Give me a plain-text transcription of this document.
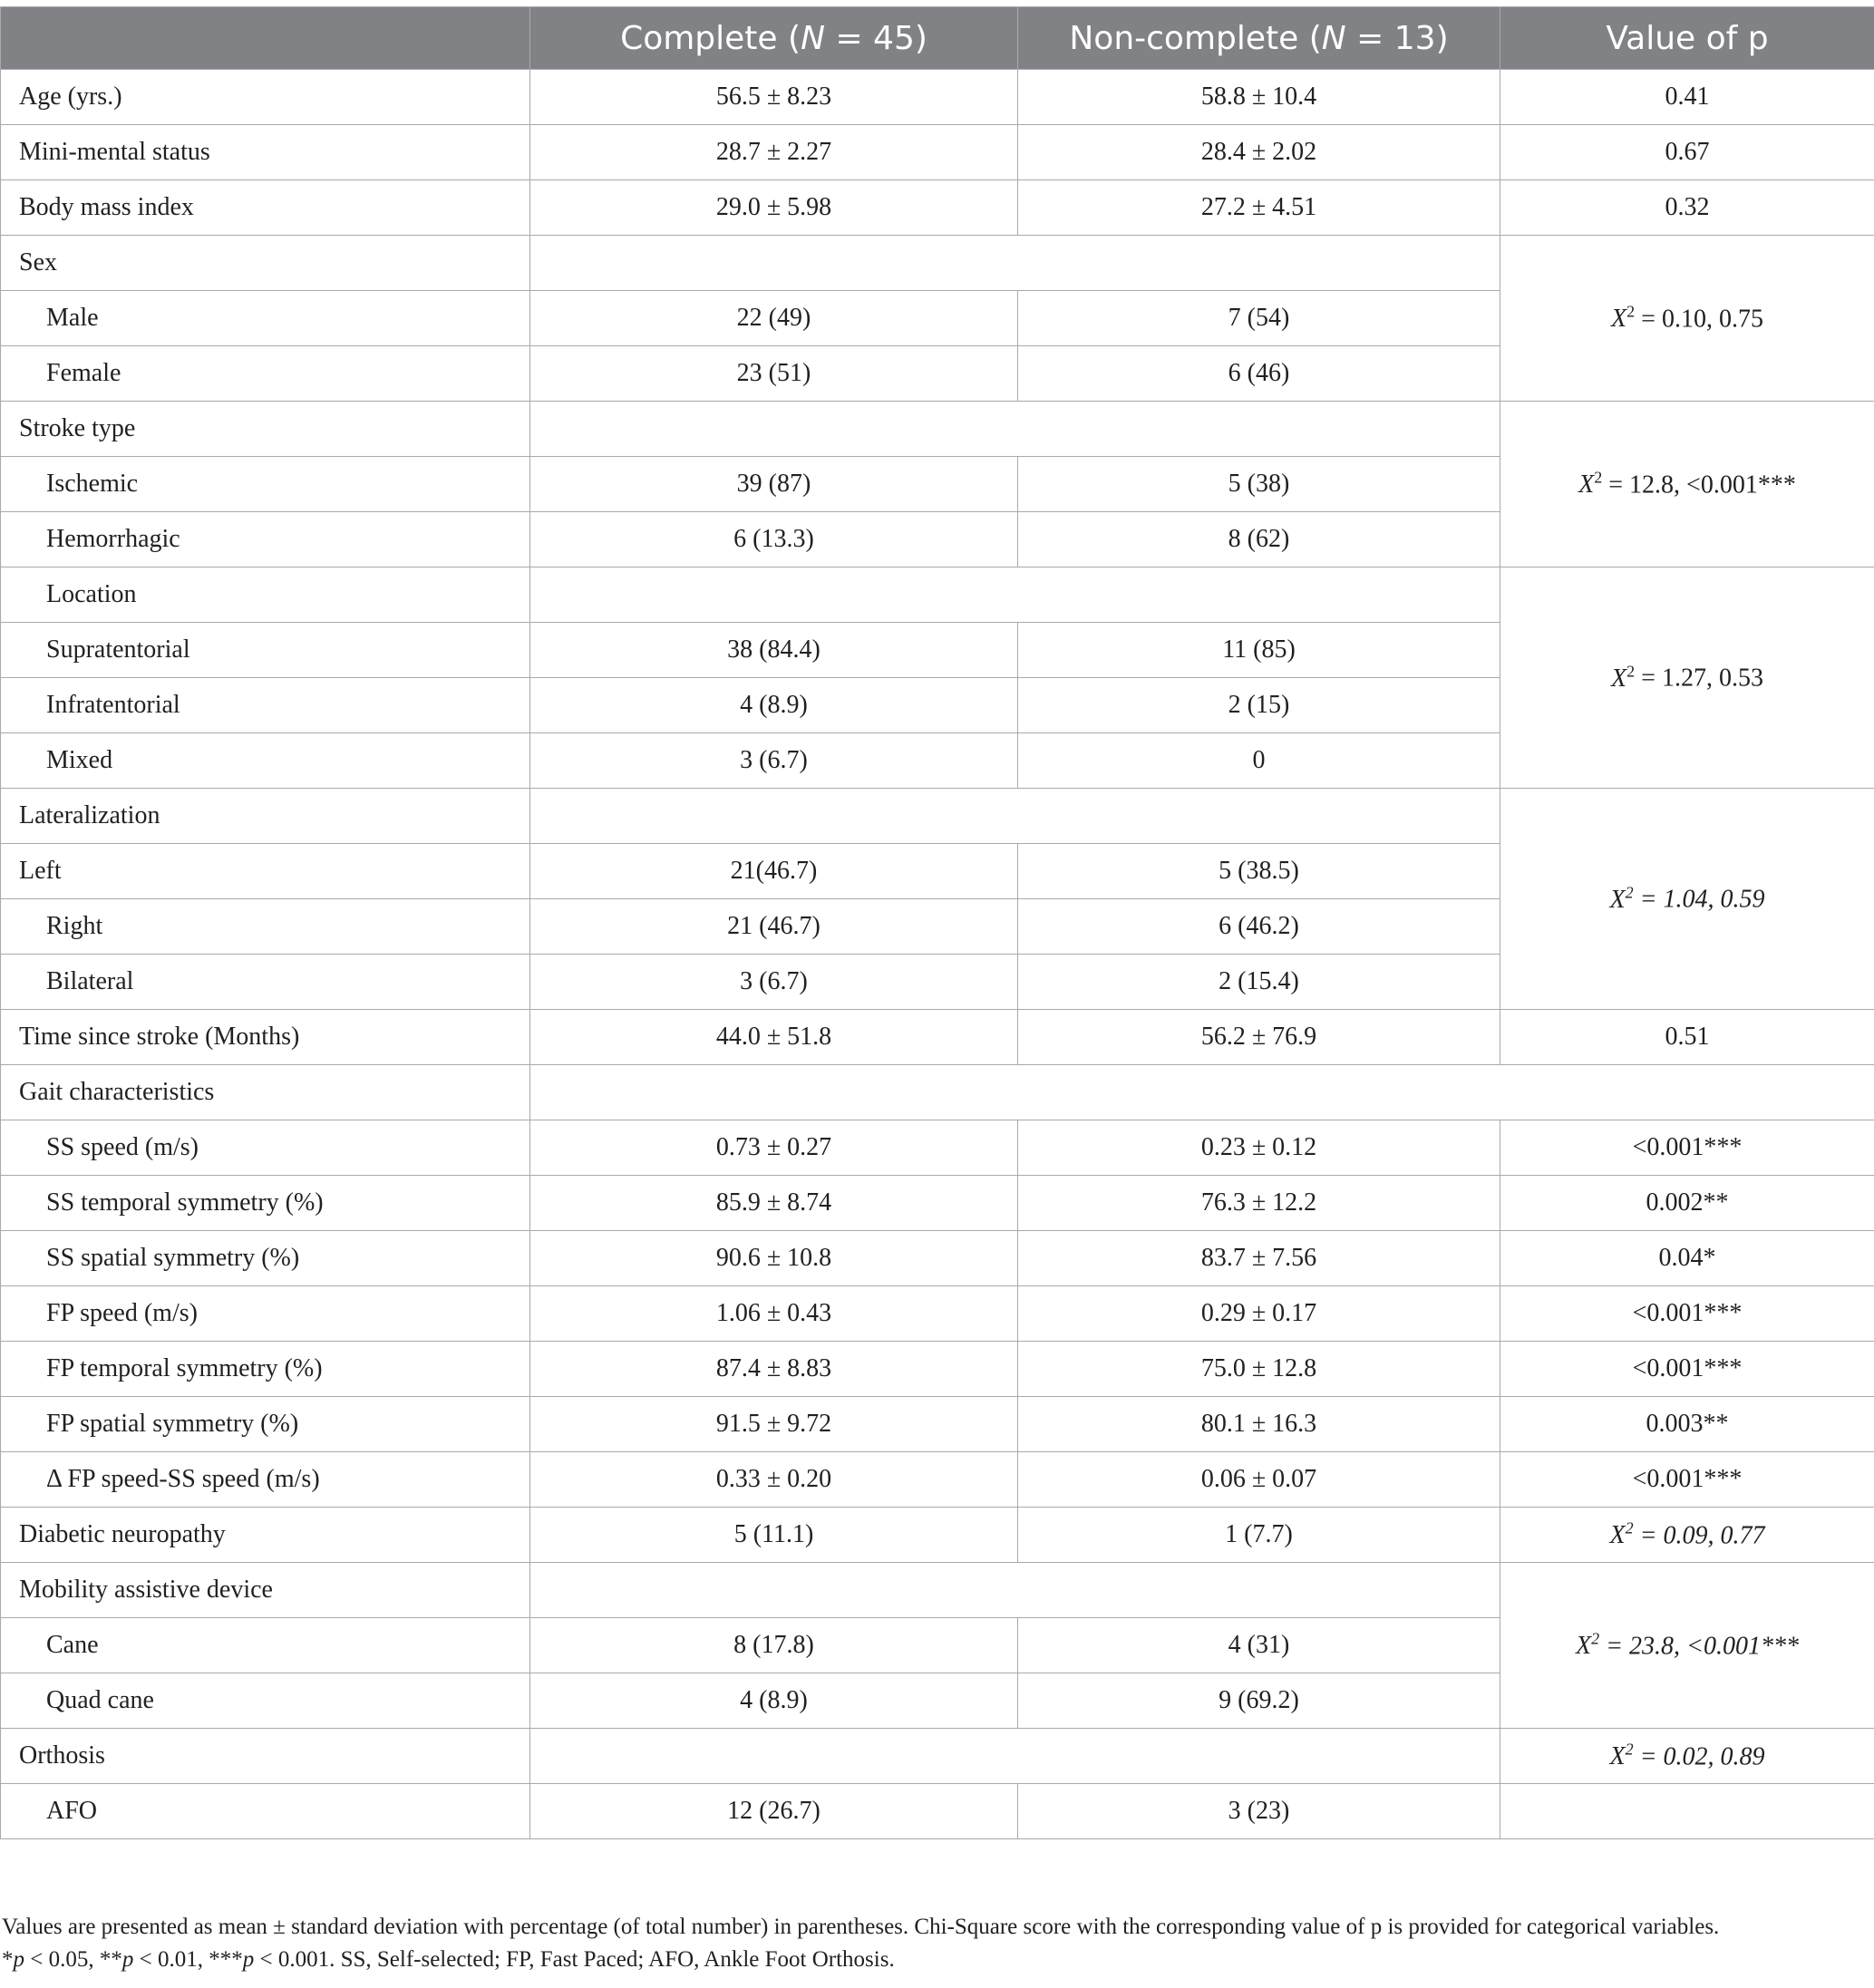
	Complete (N = 45)	Non-complete (N = 13)	Value of p
Age (yrs.)	56.5 ± 8.23	58.8 ± 10.4	0.41
Mini-mental status	28.7 ± 2.27	28.4 ± 2.02	0.67
Body mass index	29.0 ± 5.98	27.2 ± 4.51	0.32
Sex			$X^2 = 0.10$, 0.75
Male	22 (49)	7 (54)	
Female	23 (51)	6 (46)	
Stroke type			$X^2 = 12.8$, <0.001***
Ischemic	39 (87)	5 (38)	
Hemorrhagic	6 (13.3)	8 (62)	
Location			$X^2 = 1.27$, 0.53
Supratentorial	38 (84.4)	11 (85)	
Infratentorial	4 (8.9)	2 (15)	
Mixed	3 (6.7)	0	
Lateralization			$X^2 = 1.04$, 0.59
Left	21(46.7)	5 (38.5)	
Right	21 (46.7)	6 (46.2)	
Bilateral	3 (6.7)	2 (15.4)	
Time since stroke (Months)	44.0 ± 51.8	56.2 ± 76.9	0.51
Gait characteristics			
SS speed (m/s)	0.73 ± 0.27	0.23 ± 0.12	<0.001***
SS temporal symmetry (%)	85.9 ± 8.74	76.3 ± 12.2	0.002**
SS spatial symmetry (%)	90.6 ± 10.8	83.7 ± 7.56	0.04*
FP speed (m/s)	1.06 ± 0.43	0.29 ± 0.17	<0.001***
FP temporal symmetry (%)	87.4 ± 8.83	75.0 ± 12.8	<0.001***
FP spatial symmetry (%)	91.5 ± 9.72	80.1 ± 16.3	0.003**
Δ FP speed-SS speed (m/s)	0.33 ± 0.20	0.06 ± 0.07	<0.001***
Diabetic neuropathy	5 (11.1)	1 (7.7)	$X^2 = 0.09$, 0.77
Mobility assistive device			$X^2 = 23.8$, <0.001***
Cane	8 (17.8)	4 (31)	
Quad cane	4 (8.9)	9 (69.2)	
Orthosis			$X^2 = 0.02$, 0.89
AFO	12 (26.7)	3 (23)	

Values are presented as mean ± standard deviation with percentage (of total number) in parentheses. Chi-Square score with the corresponding value of p is provided for categorical variables.

*p < 0.05, **p < 0.01, ***p < 0.001. SS, Self-selected; FP, Fast Paced; AFO, Ankle Foot Orthosis.
